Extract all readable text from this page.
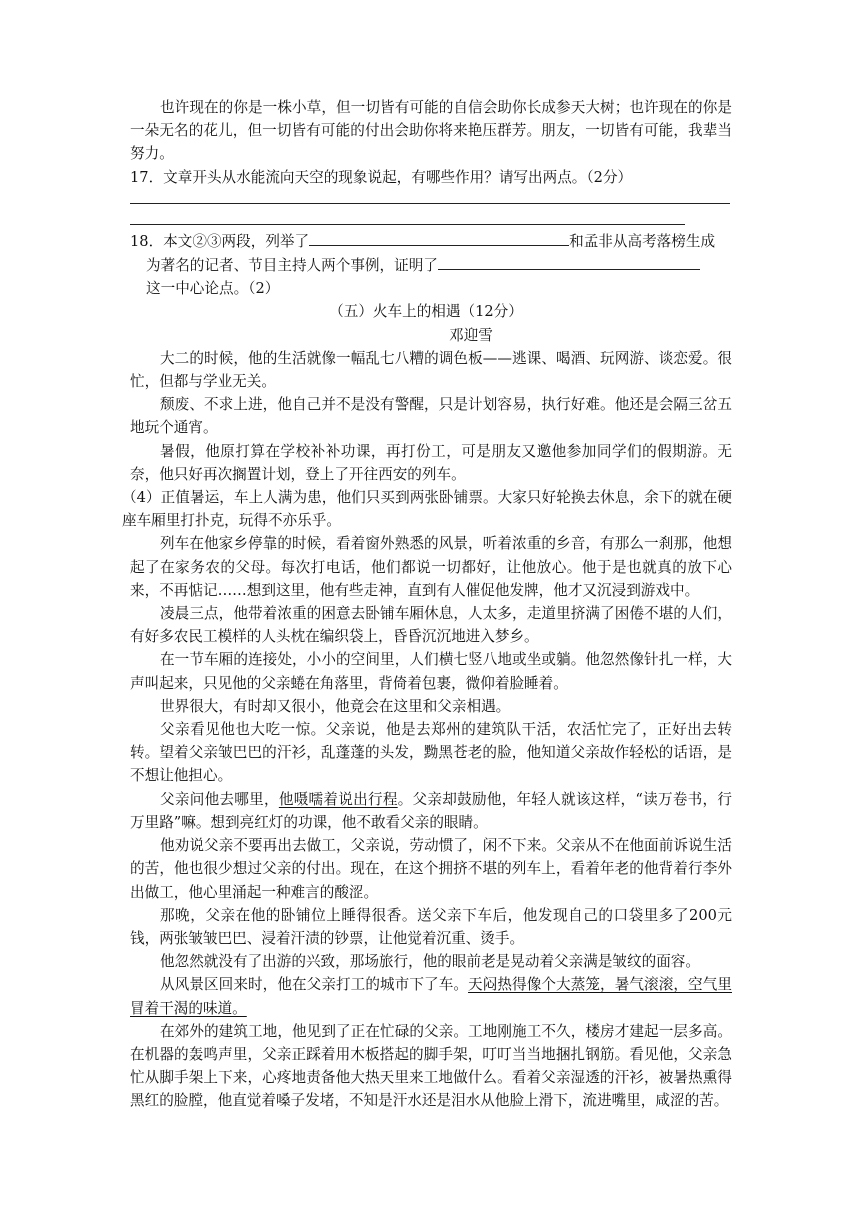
也许现在的你是一株小草，但一切皆有可能的自信会助你长成参天大树；也许现在的你是一朵无名的花儿，但一切皆有可能的付出会助你将来艳压群芳。朋友，一切皆有可能，我辈当努力。

17．文章开头从水能流向天空的现象说起，有哪些作用？请写出两点。（2分）

18．本文②③两段，列举了	和孟非从高考落榜生成

为著名的记者、节目主持人两个事例，证明了

这一中心论点。（2）

（五）火车上的相遇（12分）

邓迎雪

大二的时候，他的生活就像一幅乱七八糟的调色板——逃课、喝酒、玩网游、谈恋爱。很忙，但都与学业无关。

颓废、不求上进，他自己并不是没有警醒，只是计划容易，执行好难。他还是会隔三岔五地玩个通宵。

暑假，他原打算在学校补补功课，再打份工，可是朋友又邀他参加同学们的假期游。无奈，他只好再次搁置计划，登上了开往西安的列车。

（4）正值暑运，车上人满为患，他们只买到两张卧铺票。大家只好轮换去休息，余下的就在硬座车厢里打扑克，玩得不亦乐乎。

列车在他家乡停靠的时候，看着窗外熟悉的风景，听着浓重的乡音，有那么一刹那，他想起了在家务农的父母。每次打电话，他们都说一切都好，让他放心。他于是也就真的放下心来，不再惦记……想到这里，他有些走神，直到有人催促他发牌，他才又沉浸到游戏中。

凌晨三点，他带着浓重的困意去卧铺车厢休息，人太多，走道里挤满了困倦不堪的人们，有好多农民工模样的人头枕在编织袋上，昏昏沉沉地进入梦乡。

在一节车厢的连接处，小小的空间里，人们横七竖八地或坐或躺。他忽然像针扎一样，大声叫起来，只见他的父亲蜷在角落里，背倚着包裹，微仰着脸睡着。

世界很大，有时却又很小，他竟会在这里和父亲相遇。

父亲看见他也大吃一惊。父亲说，他是去郑州的建筑队干活，农活忙完了，正好出去转转。望着父亲皱巴巴的汗衫，乱蓬蓬的头发，黝黑苍老的脸，他知道父亲故作轻松的话语，是不想让他担心。

父亲问他去哪里，他嗫嚅着说出行程。父亲却鼓励他，年轻人就该这样，“读万卷书，行万里路”嘛。想到亮红灯的功课，他不敢看父亲的眼睛。

他劝说父亲不要再出去做工，父亲说，劳动惯了，闲不下来。父亲从不在他面前诉说生活的苦，他也很少想过父亲的付出。现在，在这个拥挤不堪的列车上，看着年老的他背着行李外出做工，他心里涌起一种难言的酸涩。

那晚，父亲在他的卧铺位上睡得很香。送父亲下车后，他发现自己的口袋里多了200元钱，两张皱皱巴巴、浸着汗渍的钞票，让他觉着沉重、烫手。

他忽然就没有了出游的兴致，那场旅行，他的眼前老是晃动着父亲满是皱纹的面容。

从风景区回来时，他在父亲打工的城市下了车。天闷热得像个大蒸笼，暑气滚滚，空气里冒着干渴的味道。

在郊外的建筑工地，他见到了正在忙碌的父亲。工地刚施工不久，楼房才建起一层多高。在机器的轰鸣声里，父亲正踩着用木板搭起的脚手架，叮叮当当地捆扎钢筋。看见他，父亲急忙从脚手架上下来，心疼地责备他大热天里来工地做什么。看着父亲湿透的汗衫，被暑热熏得黑红的脸膛，他直觉着嗓子发堵，不知是汗水还是泪水从他脸上滑下，流进嘴里，咸涩的苦。
